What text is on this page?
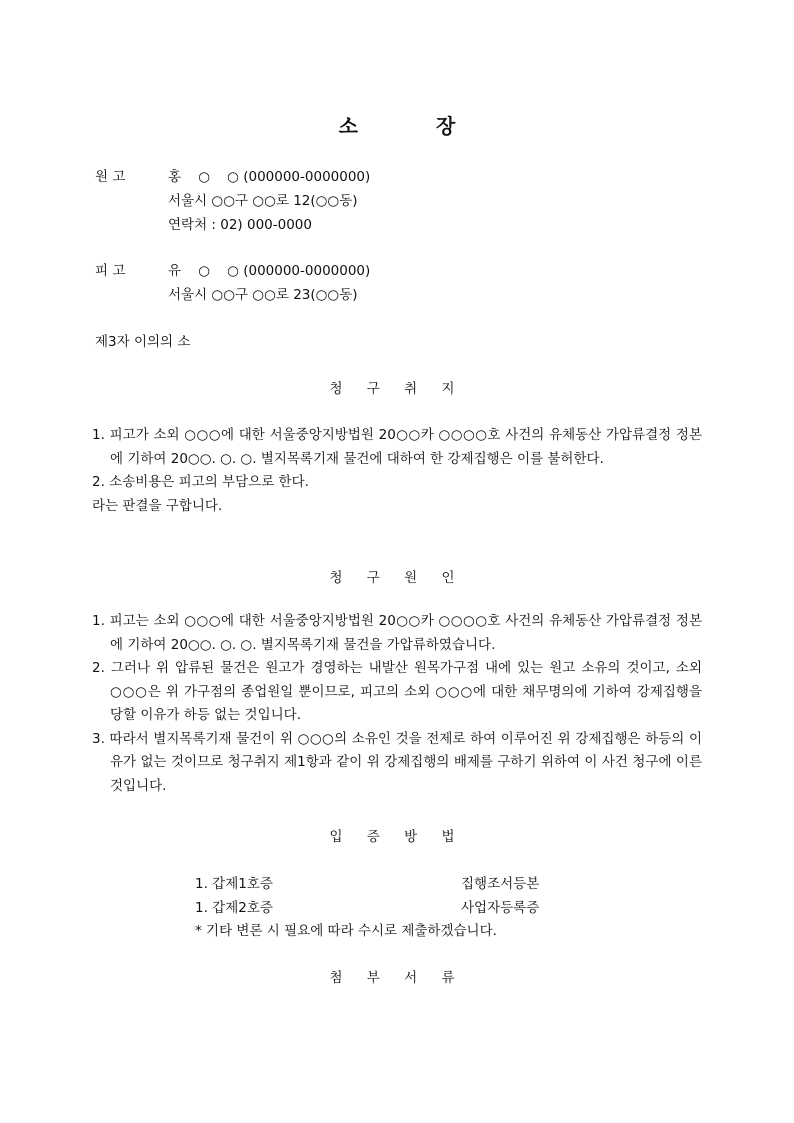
소	장
원 고	홍    ○    ○ (000000-0000000)
서울시 ○○구 ○○로 12(○○동)
연락처 : 02) 000-0000
피 고	유    ○    ○ (000000-0000000)
서울시 ○○구 ○○로 23(○○동)
제3자 이의의 소
청 구 취 지
1. 피고가 소외 ○○○에 대한 서울중앙지방법원 20○○카 ○○○○호 사건의 유체동산 가압류결정 정본에 기하여 20○○. ○. ○. 별지목록기재 물건에 대하여 한 강제집행은 이를 불허한다.
2. 소송비용은 피고의 부담으로 한다.
라는 판결을 구합니다.
청 구 원 인
1. 피고는 소외 ○○○에 대한 서울중앙지방법원 20○○카 ○○○○호 사건의 유체동산 가압류결정 정본에 기하여 20○○. ○. ○. 별지목록기재 물건을 가압류하였습니다.
2. 그러나 위 압류된 물건은 원고가 경영하는 내발산 원목가구점 내에 있는 원고 소유의 것이고, 소외 ○○○은 위 가구점의 종업원일 뿐이므로, 피고의 소외 ○○○에 대한 채무명의에 기하여 강제집행을 당할 이유가 하등 없는 것입니다.
3. 따라서 별지목록기재 물건이 위 ○○○의 소유인 것을 전제로 하여 이루어진 위 강제집행은 하등의 이유가 없는 것이므로 청구취지 제1항과 같이 위 강제집행의 배제를 구하기 위하여 이 사건 청구에 이른 것입니다.
입 증 방 법
1. 갑제1호증	집행조서등본
1. 갑제2호증	사업자등록증
* 기타 변론 시 필요에 따라 수시로 제출하겠습니다.
첨 부 서 류
